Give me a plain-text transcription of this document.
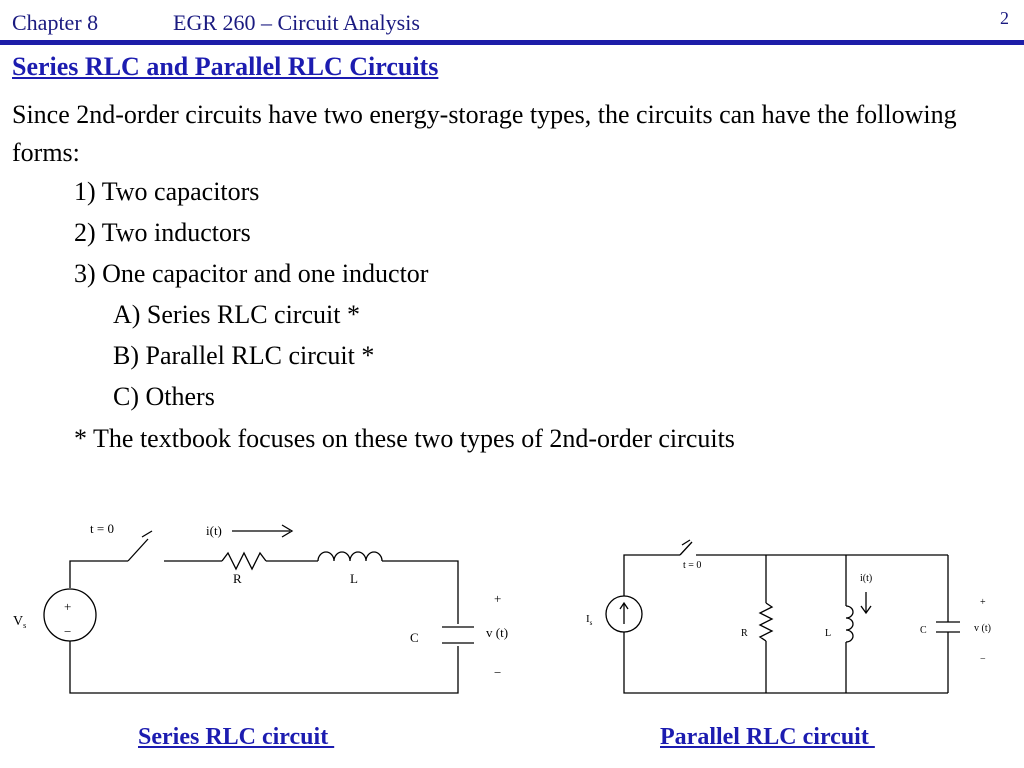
Chapter 8	EGR 260 – Circuit Analysis	2
Series RLC and Parallel RLC Circuits
Since 2nd-order circuits have two energy-storage types, the circuits can have the following forms:
1) Two capacitors
2) Two inductors
3) One capacitor and one inductor
A) Series RLC circuit *
B) Parallel RLC circuit *
C) Others
* The textbook focuses on these two types of 2nd-order circuits
t = 0	i(t)
R	L
C
+
−
$V_s$
+
v (t)
−
t = 0
i(t)
R	L	C
$I_s$
+
v (t)
−
Series RLC circuit	Parallel RLC circuit
